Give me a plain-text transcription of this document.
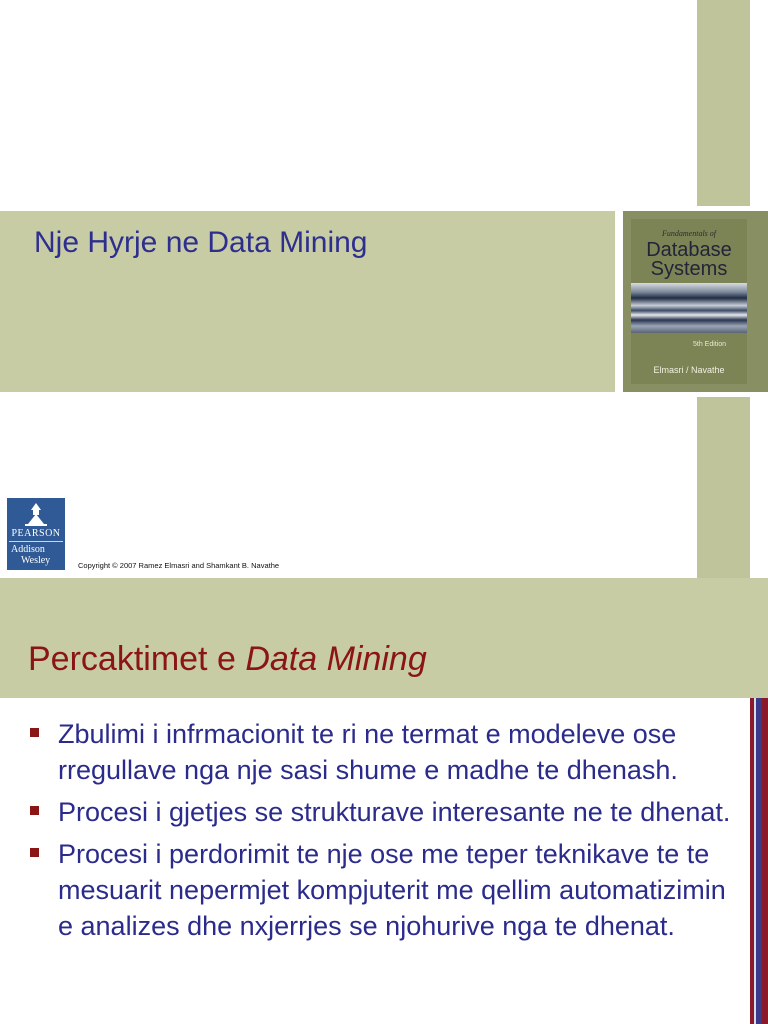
Nje Hyrje ne Data Mining	Fundamentals of
Database
Systems
5th Edition
Elmasri / Navathe
PEARSON
Addison
Wesley	Copyright © 2007 Ramez Elmasri and Shamkant B. Navathe
Percaktimet e Data Mining
Zbulimi i infrmacionit te ri ne termat e modeleve ose rregullave nga nje sasi shume e madhe te dhenash.
Procesi i gjetjes se strukturave interesante ne te dhenat.
Procesi i perdorimit te nje ose me teper teknikave te te mesuarit nepermjet kompjuterit me qellim automatizimin e analizes dhe nxjerrjes se njohurive nga te dhenat.
